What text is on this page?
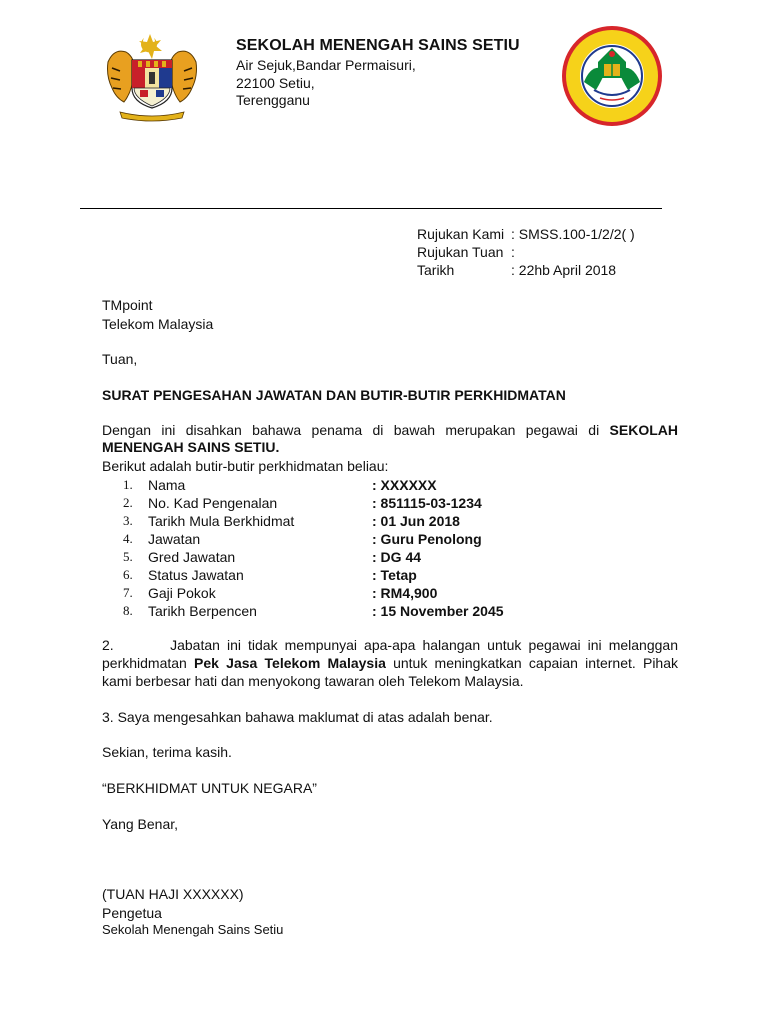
SEKOLAH MENENGAH SAINS SETIU
Air Sejuk,Bandar Permaisuri,
22100 Setiu,
Terengganu
Rujukan Kami : SMSS.100-1/2/2( )
Rujukan Tuan :
Tarikh	: 22hb April 2018
TMpoint
Telekom Malaysia
Tuan,
SURAT PENGESAHAN JAWATAN DAN BUTIR-BUTIR PERKHIDMATAN
Dengan ini disahkan bahawa penama di bawah merupakan pegawai di SEKOLAH MENENGAH SAINS SETIU.
Berikut adalah butir-butir perkhidmatan beliau:
1. Nama	: XXXXXX
2. No. Kad Pengenalan	: 851115-03-1234
3. Tarikh Mula Berkhidmat	: 01 Jun 2018
4. Jawatan	: Guru Penolong
5. Gred Jawatan	: DG 44
6. Status Jawatan	: Tetap
7. Gaji Pokok	: RM4,900
8. Tarikh Berpencen	: 15 November 2045
2.	Jabatan ini tidak mempunyai apa-apa halangan untuk pegawai ini melanggan perkhidmatan Pek Jasa Telekom Malaysia untuk meningkatkan capaian internet. Pihak kami berbesar hati dan menyokong tawaran oleh Telekom Malaysia.
3. Saya mengesahkan bahawa maklumat di atas adalah benar.
Sekian, terima kasih.
“BERKHIDMAT UNTUK NEGARA”
Yang Benar,
(TUAN HAJI XXXXXX)
Pengetua
Sekolah Menengah Sains Setiu
